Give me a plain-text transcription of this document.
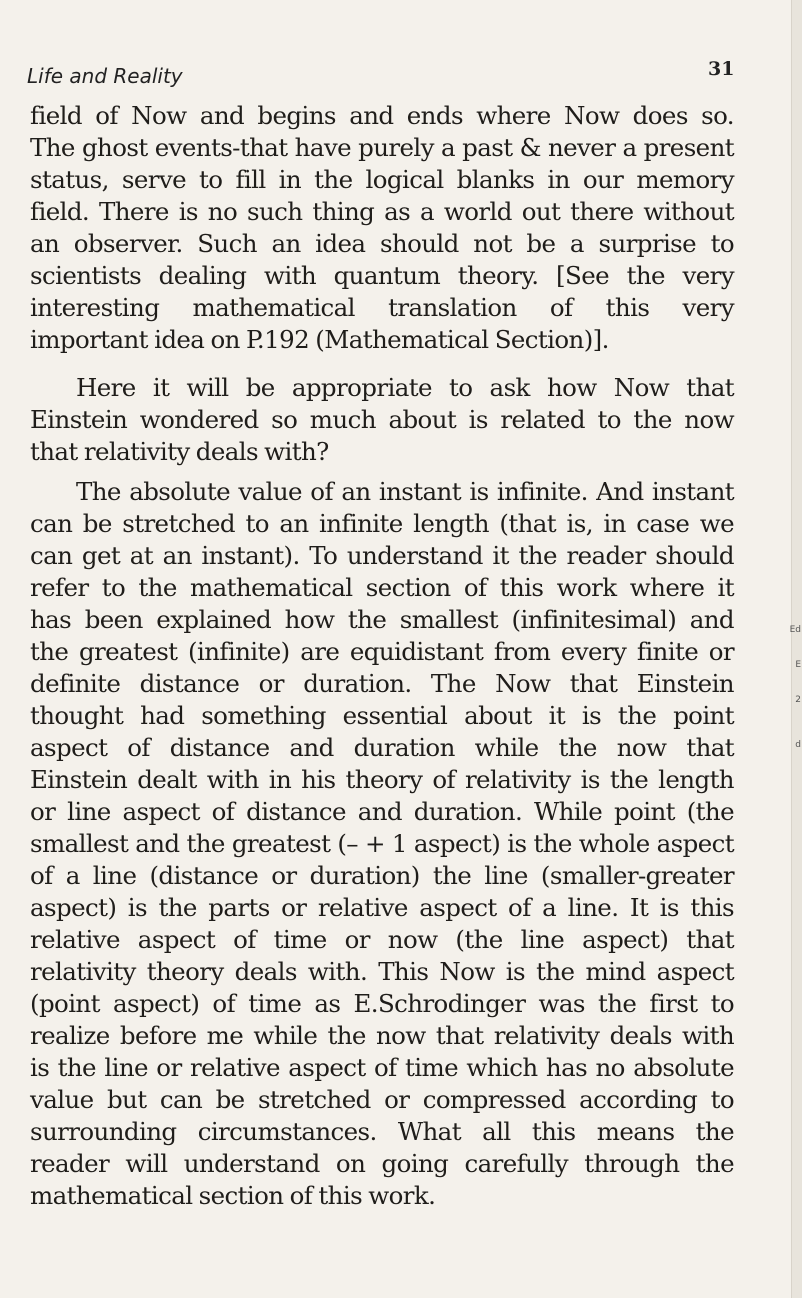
Ed
E
2
d
Life and Reality	31
field of Now and begins and ends where Now does so.
The ghost events-that have purely a past & never a present
status, serve to fill in the logical blanks in our memory
field. There is no such thing as a world out there without
an observer. Such an idea should not be a surprise to
scientists dealing with quantum theory. [See the very
interesting mathematical translation of this very
important idea on P.192 (Mathematical Section)].
Here it will be appropriate to ask how Now that
Einstein wondered so much about is related to the now
that relativity deals with?
The absolute value of an instant is infinite. And instant
can be stretched to an infinite length (that is, in case we
can get at an instant). To understand it the reader should
refer to the mathematical section of this work where it
has been explained how the smallest (infinitesimal) and
the greatest (infinite) are equidistant from every finite or
definite distance or duration. The Now that Einstein
thought had something essential about it is the point
aspect of distance and duration while the now that
Einstein dealt with in his theory of relativity is the length
or line aspect of distance and duration. While point (the
smallest and the greatest (– + 1 aspect) is the whole aspect
of a line (distance or duration) the line (smaller-greater
aspect) is the parts or relative aspect of a line. It is this
relative aspect of time or now (the line aspect) that
relativity theory deals with. This Now is the mind aspect
(point aspect) of time as E.Schrodinger was the first to
realize before me while the now that relativity deals with
is the line or relative aspect of time which has no absolute
value but can be stretched or compressed according to
surrounding circumstances. What all this means the
reader will understand on going carefully through the
mathematical section of this work.
